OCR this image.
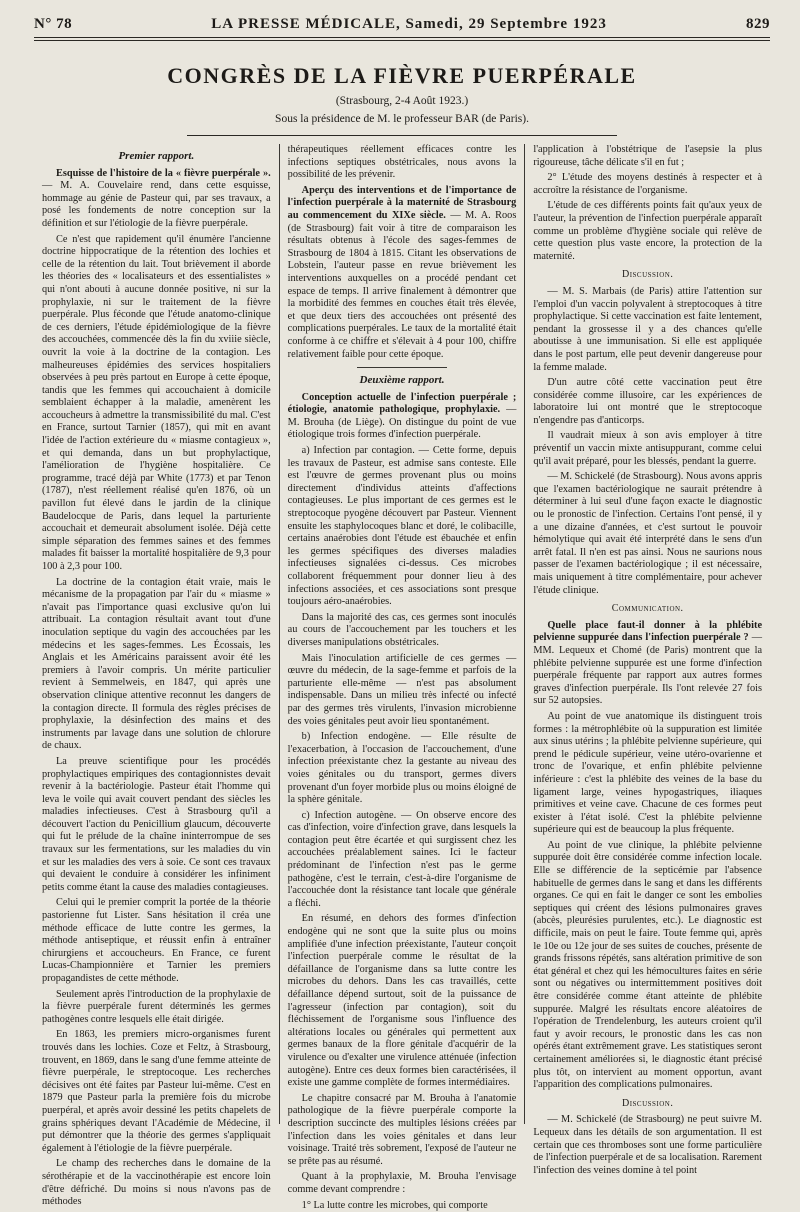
N° 78	LA PRESSE MÉDICALE, Samedi, 29 Septembre 1923	829
CONGRÈS DE LA FIÈVRE PUERPÉRALE
(Strasbourg, 2-4 Août 1923.)
Sous la présidence de M. le professeur BAR (de Paris).
Premier rapport.

Esquisse de l'histoire de la « fièvre puerpérale ». — M. A. Couvelaire rend, dans cette esquisse, hommage au génie de Pasteur qui, par ses travaux, a posé les fondements de notre conception sur la définition et sur l'étiologie de la fièvre puerpérale.

Ce n'est que rapidement qu'il énumère l'ancienne doctrine hippocratique de la rétention des lochies et celle de la rétention du lait. Tout brièvement il aborde les théories des « localisateurs et des essentialistes » qui n'ont abouti à aucune donnée positive, ni sur la prophylaxie, ni sur le traitement de la fièvre puerpérale. Plus féconde que l'étude anatomo-clinique de ces derniers, l'étude épidémiologique de la fièvre des accouchées, commencée dès la fin du xviiie siècle, ouvrit la voie à la doctrine de la contagion. Les malheureuses épidémies des services hospitaliers observées à peu près partout en Europe à cette époque, tandis que les femmes qui accouchaient à domicile semblaient échapper à la maladie, amenèrent les accoucheurs à admettre la transmissibilité du mal. C'est en France, surtout Tarnier (1857), qui mit en avant l'idée de l'action extérieure du « miasme contagieux », et qui demanda, dans un but prophylactique, l'amélioration de l'hygiène hospitalière. Ce programme, tracé déjà par White (1773) et par Tenon (1787), n'est réellement réalisé qu'en 1876, où un pavillon fut élevé dans le jardin de la clinique Baudelocque de Paris, dans lequel la parturiente accouchait et demeurait absolument isolée. Déjà cette simple séparation des femmes saines et des femmes malades fit baisser la mortalité hospitalière de 9,3 pour 100 à 2,3 pour 100.

La doctrine de la contagion était vraie, mais le mécanisme de la propagation par l'air du « miasme » n'avait pas l'importance quasi exclusive qu'on lui attribuait. La contagion résultait avant tout d'une inoculation septique du vagin des accouchées par les médecins et les sages-femmes. Les Écossais, les Anglais et les Américains paraissent avoir été les premiers à l'avoir compris. Un mérite particulier revient à Semmelweis, en 1847, qui après une observation clinique attentive reconnut les dangers de la contagion directe. Il formula des règles précises de prophylaxie, la désinfection des mains et des instruments par lavage dans une solution de chlorure de chaux.

La preuve scientifique pour les procédés prophylactiques empiriques des contagionnistes devait revenir à la bactériologie. Pasteur était l'homme qui leva le voile qui avait couvert pendant des siècles les maladies infectieuses. C'est à Strasbourg qu'il a découvert l'action du Penicillium glaucum, découverte qui fut le prélude de la chaîne ininterrompue de ses travaux sur les fermentations, sur les maladies du vin et sur les maladies des vers à soie. Ce sont ces travaux qui devaient le conduire à considérer les infiniment petits comme étant la cause des maladies contagieuses.

Celui qui le premier comprit la portée de la théorie pastorienne fut Lister. Sans hésitation il créa une méthode efficace de lutte contre les germes, la méthode antiseptique, et réussit enfin à entraîner chirurgiens et accoucheurs. En France, ce furent Lucas-Championnière et Tarnier les premiers propagandistes de cette méthode.

Seulement après l'introduction de la prophylaxie de la fièvre puerpérale furent déterminés les germes pathogènes contre lesquels elle était dirigée.

En 1863, les premiers micro-organismes furent trouvés dans les lochies. Coze et Feltz, à Strasbourg, trouvent, en 1869, dans le sang d'une femme atteinte de fièvre puerpérale, le streptocoque. Les recherches décisives ont été faites par Pasteur lui-même. C'est en 1879 que Pasteur parla la première fois du microbe puerpéral, et après avoir dessiné les petits chapelets de grains sphériques devant l'Académie de Médecine, il put démontrer que la théorie des germes s'appliquait également à l'étiologie de la fièvre puerpérale.

Le champ des recherches dans le domaine de la sérothérapie et de la vaccinothérapie est encore loin d'être défriché. Du moins si nous n'avons pas de méthodes

thérapeutiques réellement efficaces contre les infections septiques obstétricales, nous avons la possibilité de les prévenir.

Aperçu des interventions et de l'importance de l'infection puerpérale à la maternité de Strasbourg au commencement du XIXe siècle. — M. A. Roos (de Strasbourg) fait voir à titre de comparaison les résultats obtenus à l'école des sages-femmes de Strasbourg de 1804 à 1815. Citant les observations de Lobstein, l'auteur passe en revue brièvement les interventions auxquelles on a procédé pendant cet espace de temps. Il arrive finalement à démontrer que la morbidité des femmes en couches était très élevée, et que deux tiers des accouchées ont présenté des complications puerpérales. Le taux de la mortalité était conforme à ce chiffre et s'élevait à 4 pour 100, chiffre relativement faible pour cette époque.

Deuxième rapport.

Conception actuelle de l'infection puerpérale ; étiologie, anatomie pathologique, prophylaxie. — M. Brouha (de Liège). On distingue du point de vue étiologique trois formes d'infection puerpérale.

a) Infection par contagion. — Cette forme, depuis les travaux de Pasteur, est admise sans conteste. Elle est l'œuvre de germes provenant plus ou moins directement d'individus atteints d'affections contagieuses. Le plus important de ces germes est le streptocoque pyogène découvert par Pasteur. Viennent ensuite les staphylocoques blanc et doré, le colibacille, certains anaérobies dont l'étude est ébauchée et enfin les germes spécifiques des diverses maladies infectieuses signalées ci-dessus. Ces microbes collaborent fréquemment pour donner lieu à des infections associées, et ces associations sont presque toujours aéro-anaérobies.

Dans la majorité des cas, ces germes sont inoculés au cours de l'accouchement par les touchers et les diverses manipulations obstétricales.

Mais l'inoculation artificielle de ces germes — œuvre du médecin, de la sage-femme et parfois de la parturiente elle-même — n'est pas absolument indispensable. Dans un milieu très infecté ou infecté par des germes très virulents, l'invasion microbienne des voies génitales peut avoir lieu spontanément.

b) Infection endogène. — Elle résulte de l'exacerbation, à l'occasion de l'accouchement, d'une infection préexistante chez la gestante au niveau des voies génitales ou du transport, germes divers provenant d'un foyer morbide plus ou moins éloigné de la sphère génitale.

c) Infection autogène. — On observe encore des cas d'infection, voire d'infection grave, dans lesquels la contagion peut être écartée et qui surgissent chez les accouchées préalablement saines. Ici le facteur prédominant de l'infection n'est pas le germe pathogène, c'est le terrain, c'est-à-dire l'organisme de l'accouchée dont la résistance tant locale que générale a fléchi.

En résumé, en dehors des formes d'infection endogène qui ne sont que la suite plus ou moins amplifiée d'une infection préexistante, l'auteur conçoit l'infection puerpérale comme le résultat de la défaillance de l'organisme dans sa lutte contre les microbes du dehors. Dans les cas travaillés, cette défaillance dépend surtout, soit de la puissance de l'agresseur (infection par contagion), soit du fléchissement de l'organisme sous l'influence des altérations locales ou générales qui permettent aux germes banaux de la flore génitale d'acquérir de la virulence ou d'exalter une virulence atténuée (infection autogène). Entre ces deux formes bien caractérisées, il existe une gamme complète de formes intermédiaires.

Le chapitre consacré par M. Brouha à l'anatomie pathologique de la fièvre puerpérale comporte la description succincte des multiples lésions créées par l'infection dans les voies génitales et dans leur voisinage. Traité très sobrement, l'exposé de l'auteur ne se prête pas au résumé.

Quant à la prophylaxie, M. Brouha l'envisage comme devant comprendre :

1° La lutte contre les microbes, qui comporte

l'application à l'obstétrique de l'asepsie la plus rigoureuse, tâche délicate s'il en fut ;

2° L'étude des moyens destinés à respecter et à accroître la résistance de l'organisme.

L'étude de ces différents points fait qu'aux yeux de l'auteur, la prévention de l'infection puerpérale apparaît comme un problème d'hygiène sociale qui relève de cette question plus vaste encore, la protection de la maternité.

Discussion.

— M. S. Marbais (de Paris) attire l'attention sur l'emploi d'un vaccin polyvalent à streptocoques à titre prophylactique. Si cette vaccination est faite lentement, pendant la grossesse il y a des chances qu'elle aboutisse à une immunisation. Si elle est appliquée dans le post partum, elle peut devenir dangereuse pour la femme malade.

D'un autre côté cette vaccination peut être considérée comme illusoire, car les expériences de laboratoire lui ont montré que le streptocoque n'engendre pas d'anticorps.

Il vaudrait mieux à son avis employer à titre préventif un vaccin mixte antisuppurant, comme celui qu'il avait préparé, pour les blessés, pendant la guerre.

— M. Schickelé (de Strasbourg). Nous avons appris que l'examen bactériologique ne saurait prétendre à déterminer à lui seul d'une façon exacte le diagnostic ou le pronostic de l'infection. Certains l'ont pensé, il y a une dizaine d'années, et c'est surtout le pouvoir hémolytique qui avait été interprété dans le sens d'un arrêt fatal. Il n'en est pas ainsi. Nous ne saurions nous passer de l'examen bactériologique ; il est nécessaire, mais uniquement à titre complémentaire, pour achever l'étude clinique.

Communication.

Quelle place faut-il donner à la phlébite pelvienne suppurée dans l'infection puerpérale ? — MM. Lequeux et Chomé (de Paris) montrent que la phlébite pelvienne suppurée est une forme d'infection puerpérale fréquente par rapport aux autres formes graves d'infection puerpérale. Ils l'ont relevée 27 fois sur 52 autopsies.

Au point de vue anatomique ils distinguent trois formes : la métrophlébite où la suppuration est limitée aux sinus utérins ; la phlébite pelvienne supérieure, qui prend le pédicule supérieur, veine utéro-ovarienne et tronc de l'ovarique, et enfin phlébite pelvienne inférieure : c'est la phlébite des veines de la base du ligament large, veines hypogastriques, iliaques primitives et veine cave. Chacune de ces formes peut exister à l'état isolé. C'est la phlébite pelvienne supérieure qui est de beaucoup la plus fréquente.

Au point de vue clinique, la phlébite pelvienne suppurée doit être considérée comme infection locale. Elle se différencie de la septicémie par l'absence habituelle de germes dans le sang et dans les différents organes. Ce qui en fait le danger ce sont les embolies septiques qui créent des lésions pulmonaires graves (abcès, pleurésies purulentes, etc.). Le diagnostic est difficile, mais on peut le faire. Toute femme qui, après le 10e ou 12e jour de ses suites de couches, présente de grands frissons répétés, sans altération primitive de son état général et chez qui les hémocultures faites en série sont ou négatives ou intermittemment positives doit être considérée comme étant atteinte de phlébite suppurée. Malgré les résultats encore aléatoires de l'opération de Trendelenburg, les auteurs croient qu'il faut y avoir recours, le pronostic dans les cas non opérés étant extrêmement grave. Les statistiques seront certainement améliorées si, le diagnostic étant précisé plus tôt, on intervient au moment opportun, avant l'apparition des complications pulmonaires.

Discussion.

— M. Schickelé (de Strasbourg) ne peut suivre M. Lequeux dans les détails de son argumentation. Il est certain que ces thromboses sont une forme particulière de l'infection puerpérale et de sa localisation. Rarement l'infection des veines domine à tel point
